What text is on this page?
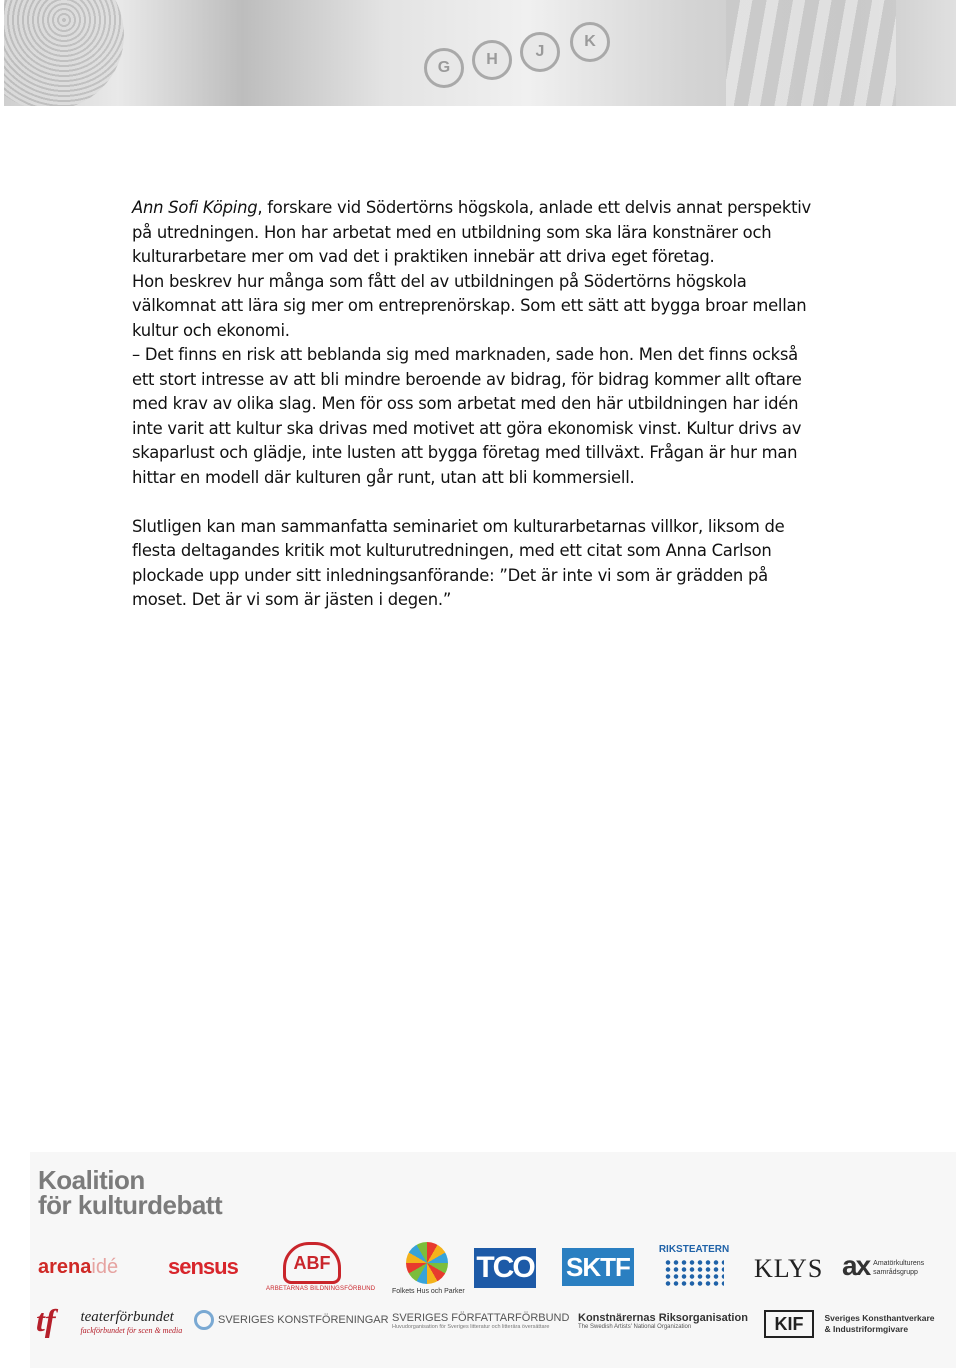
G	H	J
K

Ann Sofi Köping, forskare vid Södertörns högskola, anlade ett delvis annat perspektiv på utredningen. Hon har arbetat med en utbildning som ska lära konstnärer och kulturarbetare mer om vad det i praktiken innebär att driva eget företag.

Hon beskrev hur många som fått del av utbildningen på Södertörns högskola välkomnat att lära sig mer om entreprenörskap. Som ett sätt att bygga broar mellan kultur och ekonomi.

– Det finns en risk att beblanda sig med marknaden, sade hon. Men det finns också ett stort intresse av att bli mindre beroende av bidrag, för bidrag kommer allt oftare med krav av olika slag. Men för oss som arbetat med den här utbildningen har idén inte varit att kultur ska drivas med motivet att göra ekonomisk vinst. Kultur drivs av skaparlust och glädje, inte lusten att bygga företag med tillväxt. Frågan är hur man hittar en modell där kulturen går runt, utan att bli kommersiell.

Slutligen kan man sammanfatta seminariet om kulturarbetarnas villkor, liksom de flesta deltagandes kritik mot kulturutredningen, med ett citat som Anna Carlson plockade upp under sitt inledningsanförande: ”Det är inte vi som är grädden på moset. Det är vi som är jästen i degen.”

Koalition
för kulturdebatt
arenaidé sensus	ABF
ARBETARNAS BILDNINGSFÖRBUND Folkets Hus och Parker
TCO SKTF
RIKSTEATERN
KLYS ax Amatörkulturens
samrådsgrupp
tf teaterförbundet
fackförbundet för scen & media
SVERIGES KONSTFÖRENINGAR SVERIGES FÖRFATTARFÖRBUND
Huvudorganisation för Sveriges litteratur och litterära översättare
Konstnärernas Riksorganisation
The Swedish Artists' National Organization	KIF Sveriges Konsthantverkare
& Industriformgivare
